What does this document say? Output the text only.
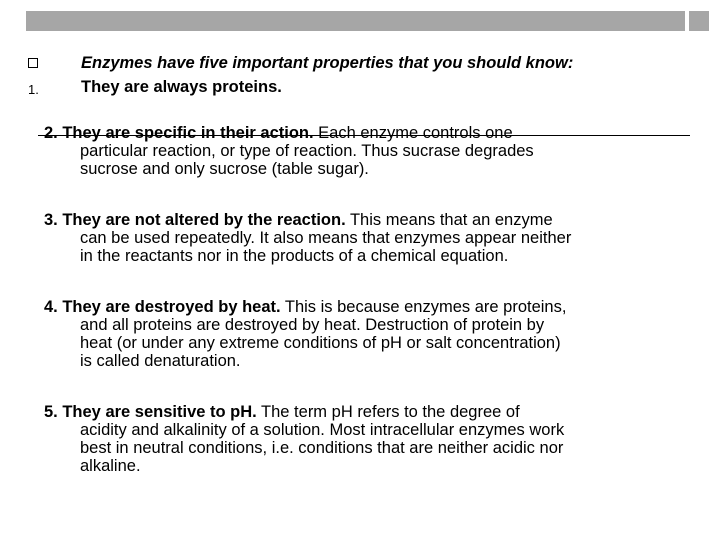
Enzymes have five important properties that you should know:
1.	They are always proteins.

2. They are specific in their action. Each enzyme controls one
particular reaction, or type of reaction. Thus sucrase degrades
sucrose and only sucrose (table sugar).

3. They are not altered by the reaction. This means that an enzyme
can be used repeatedly. It also means that enzymes appear neither
in the reactants nor in the products of a chemical equation.

4. They are destroyed by heat. This is because enzymes are proteins,
and all proteins are destroyed by heat. Destruction of protein by
heat (or under any extreme conditions of pH or salt concentration)
is called denaturation.

5. They are sensitive to pH. The term pH refers to the degree of
acidity and alkalinity of a solution. Most intracellular enzymes work
best in neutral conditions, i.e. conditions that are neither acidic nor
alkaline.
